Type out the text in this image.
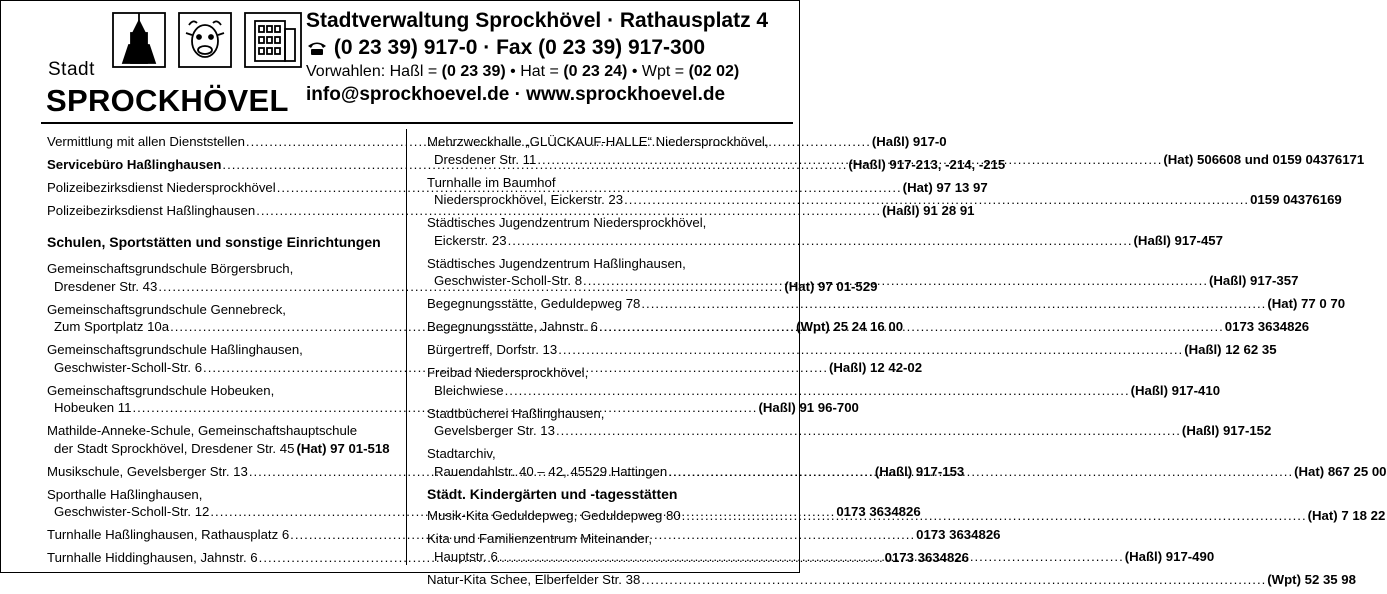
Stadt
SPROCKHÖVEL
Stadtverwaltung Sprockhövel · Rathausplatz 4
(0 23 39) 917-0 · Fax (0 23 39) 917-300
Vorwahlen: Haßl = (0 23 39) • Hat = (0 23 24) • Wpt = (02 02)
info@sprockhoevel.de · www.sprockhoevel.de
Vermittlung mit allen Dienststellen .....	(Haßl) 917-0
Servicebüro Haßlinghausen .....	(Haßl) 917-213, -214, -215
Polizeibezirksdienst Niedersprockhövel .....	(Hat) 97 13 97
Polizeibezirksdienst Haßlinghausen .....	(Haßl) 91 28 91
Schulen, Sportstätten und sonstige Einrichtungen
Gemeinschaftsgrundschule Börgersbruch,
Dresdener Str. 43 .....	(Hat) 97 01-529
Gemeinschaftsgrundschule Gennebreck,
Zum Sportplatz 10a .....	(Wpt) 25 24 16 00
Gemeinschaftsgrundschule Haßlinghausen,
Geschwister-Scholl-Str. 6 .....	(Haßl) 12 42-02
Gemeinschaftsgrundschule Hobeuken,
Hobeuken 11 .....	(Haßl) 91 96-700
Mathilde-Anneke-Schule, Gemeinschaftshauptschule
der Stadt Sprockhövel, Dresdener Str. 45 (Hat) 97 01-518
Musikschule, Gevelsberger Str. 13 .....	(Haßl) 917-153
Sporthalle Haßlinghausen,
Geschwister-Scholl-Str. 12 .....	0173 3634826
Turnhalle Haßlinghausen, Rathausplatz 6 .....	0173 3634826
Turnhalle Hiddinghausen, Jahnstr. 6 .....	0173 3634826
Mehrzweckhalle „GLÜCKAUF-HALLE“ Niedersprockhövel,
Dresdener Str. 11 .....	(Hat) 506608 und 0159 04376171
Turnhalle im Baumhof
Niedersprockhövel, Eickerstr. 23 .....	0159 04376169
Städtisches Jugendzentrum Niedersprockhövel,
Eickerstr. 23 .....	(Haßl) 917-457
Städtisches Jugendzentrum Haßlinghausen,
Geschwister-Scholl-Str. 8 .....	(Haßl) 917-357
Begegnungsstätte, Geduldерweg 78 .....	(Hat) 77 0 70
Begegnungsstätte, Jahnstr. 6 .....	0173 3634826
Bürgertreff, Dorfstr. 13 .....	(Haßl) 12 62 35
Freibad Niedersprockhövel,
Bleichwiese .....	(Haßl) 917-410
Stadtbücherei Haßlinghausen,
Gevelsberger Str. 13 .....	(Haßl) 917-152
Stadtarchiv,
Rauendahlstr. 40 – 42, 45529 Hattingen .....	(Hat) 867 25 00
Städt. Kindergärten und -tagesstätten
Musik-Kita Geduldерweg, Geduldерweg 80 .....	(Hat) 7 18 22
Kita und Familienzentrum Miteinander,
Hauptstr. 6 .....	(Haßl) 917-490
Natur-Kita Schee, Elberfelder Str. 38 .....	(Wpt) 52 35 98
